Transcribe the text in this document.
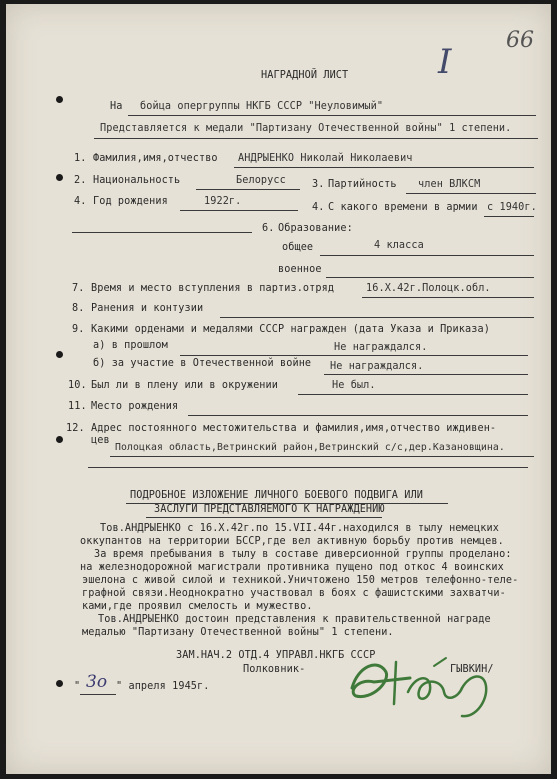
I
66
НАГРАДНОЙ ЛИСТ
На бойца опергруппы НКГБ СССР "Неуловимый"
Представляется к медали "Партизану Отечественной войны" 1 степени.
1. Фамилия,имя,отчество АНДРЫЕНКО Николай Николаевич
2. Национальность	Белорусс	3. Партийность член ВЛКСМ
4. Год рождения	1922г.
4. С какого времени в армии с 1940г.
6. Образование:
общее	4 класса
военное
7. Время и место вступления в партиз.отряд	16.X.42г.Полоцк.обл.
8. Ранения и контузии
9. Какими орденами и медалями СССР награжден (дата Указа и Приказа)
а) в прошлом	Не награждался.
б) за участие в Отечественной войне Не награждался.
10. Был ли в плену или в окружении	Не был.
11. Место рождения
12. Адрес постоянного местожительства и фамилия,имя,отчество иждивен-
цев
Полоцкая область,Ветринский район,Ветринский с/с,дер.Казановщина.
ПОДРОБНОЕ ИЗЛОЖЕНИЕ ЛИЧНОГО БОЕВОГО ПОДВИГА ИЛИ
ЗАСЛУГИ ПРЕДСТАВЛЯЕМОГО К НАГРАЖДЕНИЮ
Тов.АНДРЫЕНКО с 16.X.42г.по 15.VII.44г.находился в тылу немецких
оккупантов на территории БССР,где вел активную борьбу против немцев.
За время пребывания в тылу в составе диверсионной группы проделано:
на железнодорожной магистрали противника пущено под откос 4 воинских
эшелона с живой силой и техникой.Уничтожено 150 метров телефонно-теле-
графной связи.Неоднократно участвовал в боях с фашистскими захватчи-
ками,где проявил смелость и мужество.
Тов.АНДРЫЕНКО достоин представления к правительственной награде
медалью "Партизану Отечественной войны" 1 степени.
ЗАМ.НАЧ.2 ОТД.4 УПРАВЛ.НКГБ СССР
Полковник-	ГЫВКИН/
" 3о " апреля 1945г.
